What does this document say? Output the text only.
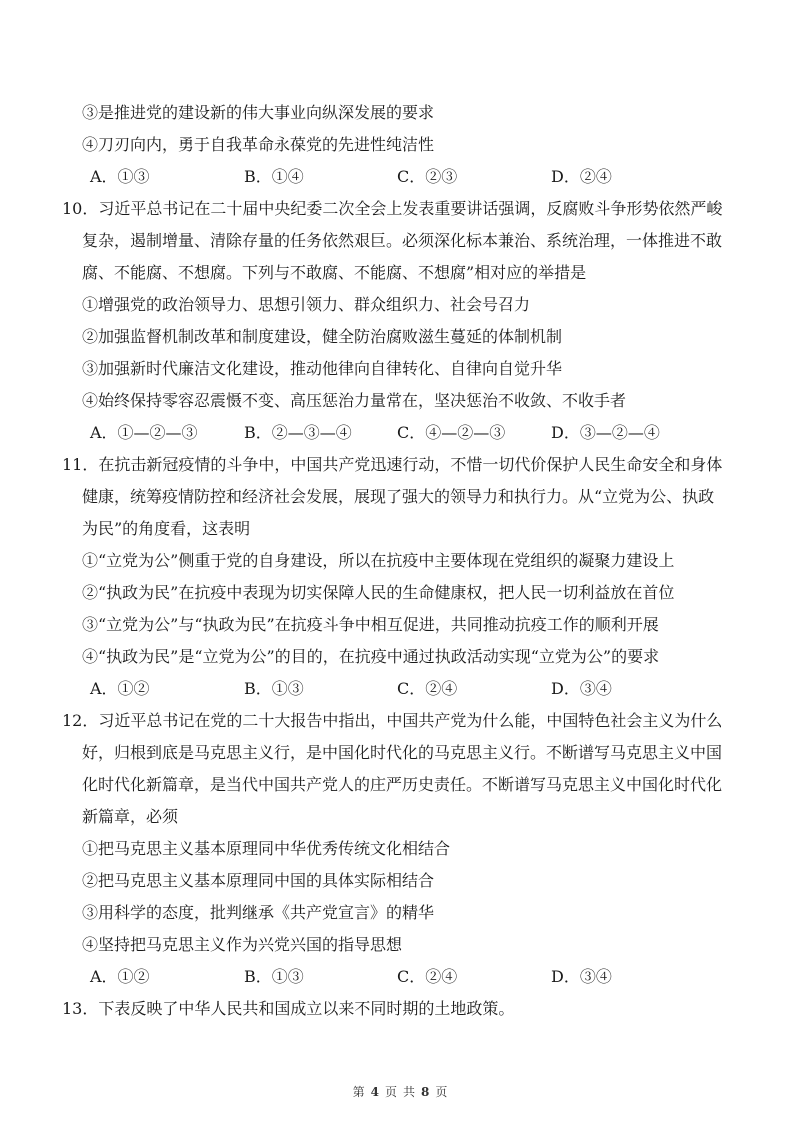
③是推进党的建设新的伟大事业向纵深发展的要求
④刀刃向内，勇于自我革命永葆党的先进性纯洁性
A．①③	B．①④	C．②③	D．②④
10．习近平总书记在二十届中央纪委二次全会上发表重要讲话强调，反腐败斗争形势依然严峻
复杂，遏制增量、清除存量的任务依然艰巨。必须深化标本兼治、系统治理，一体推进不敢
腐、不能腐、不想腐。下列与不敢腐、不能腐、不想腐”相对应的举措是
①增强党的政治领导力、思想引领力、群众组织力、社会号召力
②加强监督机制改革和制度建设，健全防治腐败滋生蔓延的体制机制
③加强新时代廉洁文化建设，推动他律向自律转化、自律向自觉升华
④始终保持零容忍震慑不变、高压惩治力量常在，坚决惩治不收敛、不收手者
A．①—②—③	B．②—③—④	C．④—②—③	D．③—②—④
11．在抗击新冠疫情的斗争中，中国共产党迅速行动，不惜一切代价保护人民生命安全和身体
健康，统筹疫情防控和经济社会发展，展现了强大的领导力和执行力。从“立党为公、执政
为民”的角度看，这表明
①“立党为公”侧重于党的自身建设，所以在抗疫中主要体现在党组织的凝聚力建设上
②“执政为民”在抗疫中表现为切实保障人民的生命健康权，把人民一切利益放在首位
③“立党为公”与“执政为民”在抗疫斗争中相互促进，共同推动抗疫工作的顺利开展
④“执政为民”是“立党为公”的目的，在抗疫中通过执政活动实现“立党为公”的要求
A．①②	B．①③	C．②④	D．③④
12．习近平总书记在党的二十大报告中指出，中国共产党为什么能，中国特色社会主义为什么
好，归根到底是马克思主义行，是中国化时代化的马克思主义行。不断谱写马克思主义中国
化时代化新篇章，是当代中国共产党人的庄严历史责任。不断谱写马克思主义中国化时代化
新篇章，必须
①把马克思主义基本原理同中华优秀传统文化相结合
②把马克思主义基本原理同中国的具体实际相结合
③用科学的态度，批判继承《共产党宣言》的精华
④坚持把马克思主义作为兴党兴国的指导思想
A．①②	B．①③	C．②④	D．③④
13．下表反映了中华人民共和国成立以来不同时期的土地政策。
第 4 页 共 8 页
